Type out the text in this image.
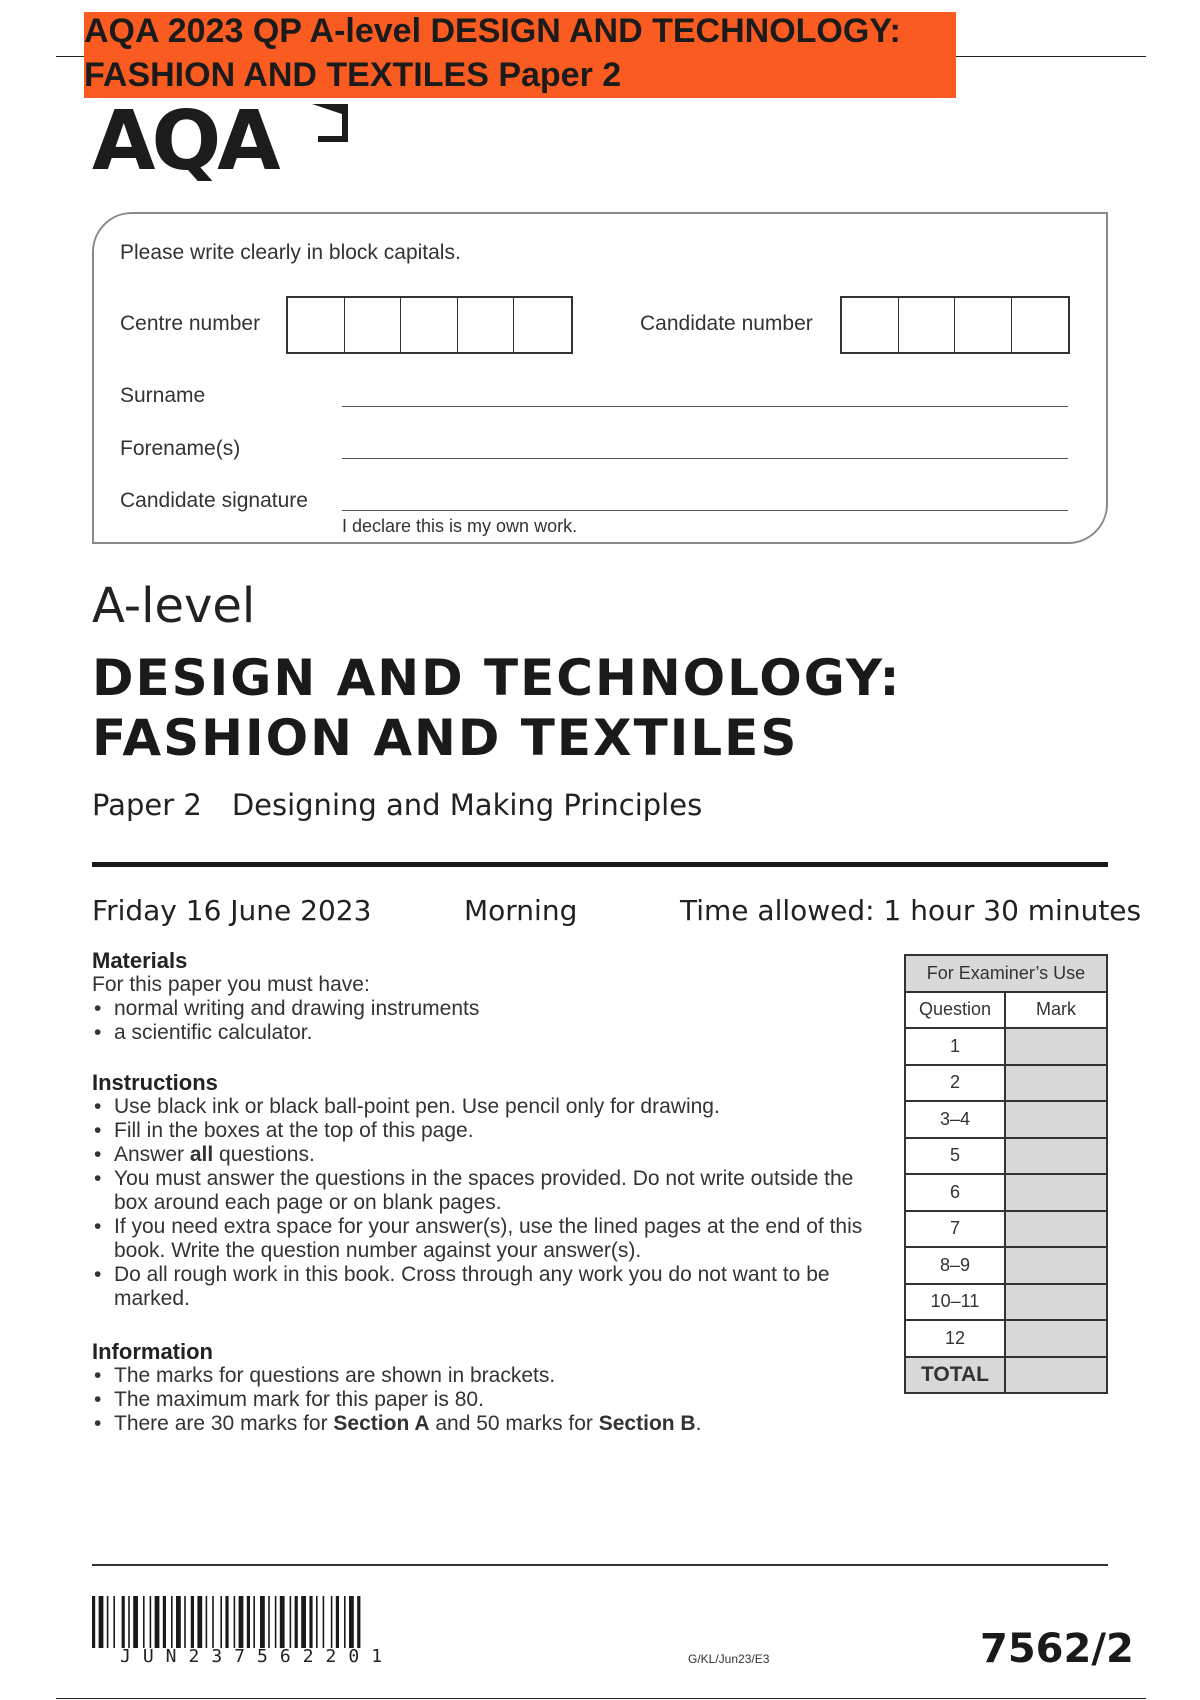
AQA 2023 QP A-level DESIGN AND TECHNOLOGY:
FASHION AND TEXTILES Paper 2
AQA
Please write clearly in block capitals.
Centre number	Candidate number
Surname
Forename(s)
Candidate signature
I declare this is my own work.
A-level
DESIGN AND TECHNOLOGY:
FASHION AND TEXTILES
Paper 2 Designing and Making Principles
Friday 16 June 2023	Morning	Time allowed: 1 hour 30 minutes
Materials
For this paper you must have:
• normal writing and drawing instruments
• a scientific calculator.
Instructions
• Use black ink or black ball-point pen. Use pencil only for drawing.
• Fill in the boxes at the top of this page.
• Answer all questions.
• You must answer the questions in the spaces provided. Do not write outside the box around each page or on blank pages.
• If you need extra space for your answer(s), use the lined pages at the end of this book. Write the question number against your answer(s).
• Do all rough work in this book. Cross through any work you do not want to be marked.
Information
• The marks for questions are shown in brackets.
• The maximum mark for this paper is 80.
• There are 30 marks for Section A and 50 marks for Section B.
For Examiner’s Use	
Question	Mark
1	
2	
3–4	
5	
6	
7	
8–9	
10–11	
12	
TOTAL	
JUN237562201	G/KL/Jun23/E3	7562/2
